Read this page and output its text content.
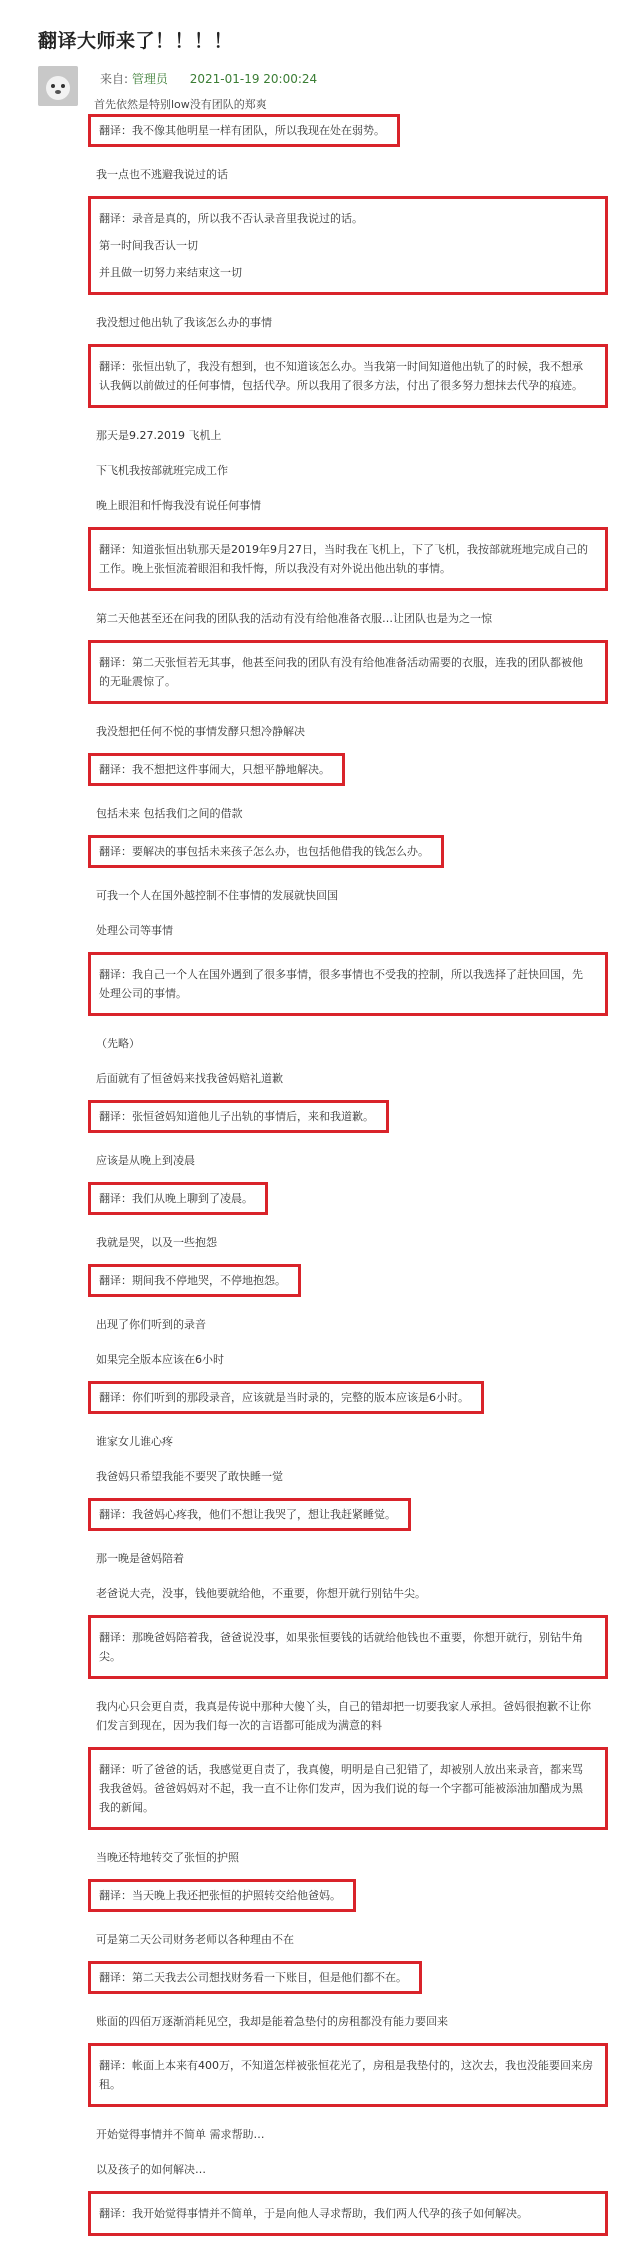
翻译大师来了！！！！
来自: 管理员 2021-01-19 20:00:24
首先依然是特别low没有团队的郑爽
翻译：我不像其他明星一样有团队，所以我现在处在弱势。
我一点也不逃避我说过的话

翻译：录音是真的，所以我不否认录音里我说过的话。

第一时间我否认一切

并且做一切努力来结束这一切

我没想过他出轨了我该怎么办的事情

翻译：张恒出轨了，我没有想到，也不知道该怎么办。当我第一时间知道他出轨了的时候，我不想承认我俩以前做过的任何事情，包括代孕。所以我用了很多方法，付出了很多努力想抹去代孕的痕迹。

那天是9.27.2019 飞机上
下飞机我按部就班完成工作
晚上眼泪和忏悔我没有说任何事情

翻译：知道张恒出轨那天是2019年9月27日，当时我在飞机上，下了飞机，我按部就班地完成自己的工作。晚上张恒流着眼泪和我忏悔，所以我没有对外说出他出轨的事情。

第二天他甚至还在问我的团队我的活动有没有给他准备衣服…让团队也是为之一惊

翻译：第二天张恒若无其事，他甚至问我的团队有没有给他准备活动需要的衣服，连我的团队都被他的无耻震惊了。

我没想把任何不悦的事情发酵只想冷静解决
翻译：我不想把这件事闹大，只想平静地解决。
包括未来 包括我们之间的借款
翻译：要解决的事包括未来孩子怎么办，也包括他借我的钱怎么办。
可我一个人在国外越控制不住事情的发展就快回国
处理公司等事情

翻译：我自己一个人在国外遇到了很多事情，很多事情也不受我的控制，所以我选择了赶快回国，先处理公司的事情。

（先略）
后面就有了恒爸妈来找我爸妈赔礼道歉
翻译：张恒爸妈知道他儿子出轨的事情后，来和我道歉。
应该是从晚上到凌晨
翻译：我们从晚上聊到了凌晨。
我就是哭，以及一些抱怨
翻译：期间我不停地哭，不停地抱怨。
出现了你们听到的录音
如果完全版本应该在6小时
翻译：你们听到的那段录音，应该就是当时录的，完整的版本应该是6小时。
谁家女儿谁心疼
我爸妈只希望我能不要哭了敢快睡一觉
翻译：我爸妈心疼我，他们不想让我哭了，想让我赶紧睡觉。
那一晚是爸妈陪着
老爸说大壳，没事，钱他要就给他，不重要，你想开就行别钻牛尖。

翻译：那晚爸妈陪着我，爸爸说没事，如果张恒要钱的话就给他钱也不重要，你想开就行，别钻牛角尖。

我内心只会更自责，我真是传说中那种大傻丫头，自己的错却把一切要我家人承担。爸妈很抱歉不让你们发言到现在，因为我们每一次的言语都可能成为满意的料

翻译：听了爸爸的话，我感觉更自责了，我真傻，明明是自己犯错了，却被别人放出来录音，都来骂我我爸妈。爸爸妈妈对不起，我一直不让你们发声，因为我们说的每一个字都可能被添油加醋成为黑我的新闻。

当晚还特地转交了张恒的护照
翻译：当天晚上我还把张恒的护照转交给他爸妈。
可是第二天公司财务老师以各种理由不在
翻译：第二天我去公司想找财务看一下账目，但是他们都不在。
账面的四佰万逐渐消耗见空，我却是能着急垫付的房租都没有能力要回来

翻译：帐面上本来有400万，不知道怎样被张恒花光了，房租是我垫付的，这次去，我也没能要回来房租。

开始觉得事情并不简单 需求帮助…
以及孩子的如何解决…

翻译：我开始觉得事情并不简单，于是向他人寻求帮助，我们两人代孕的孩子如何解决。
